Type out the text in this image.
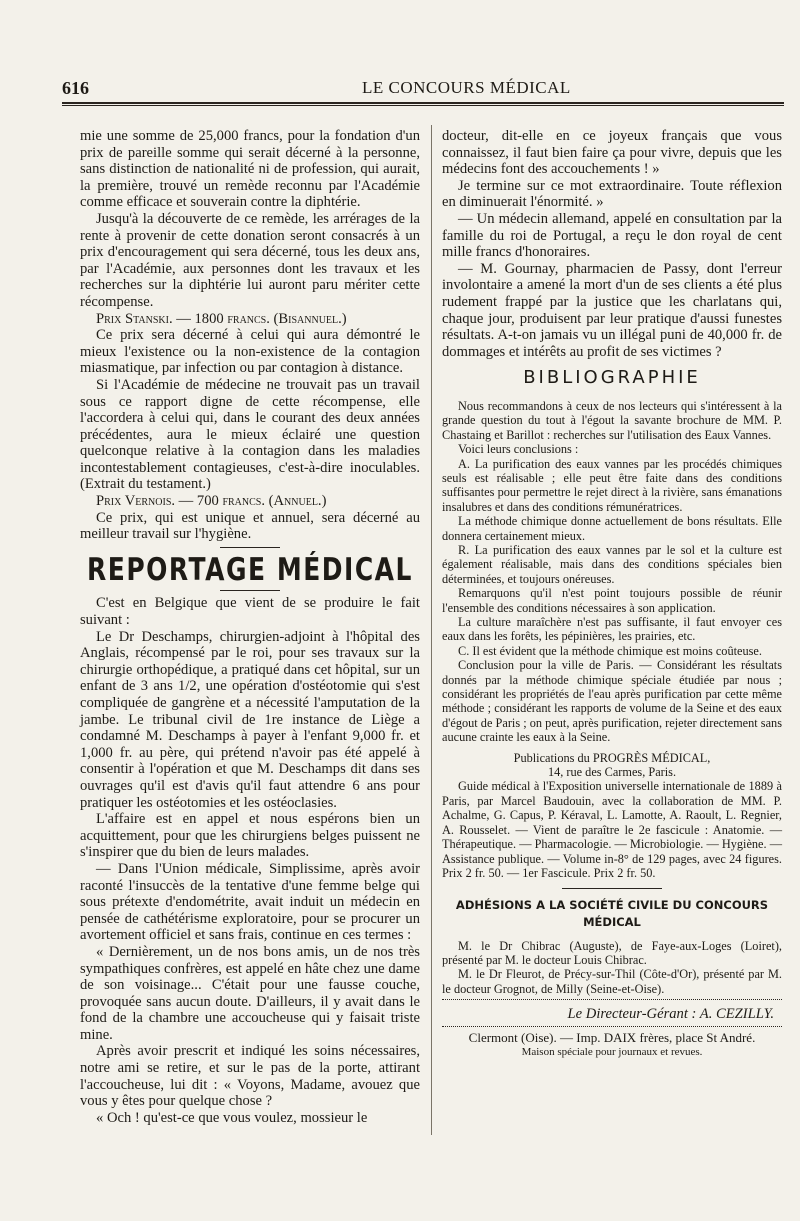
616	LE CONCOURS MÉDICAL

mie une somme de 25,000 francs, pour la fondation d'un prix de pareille somme qui serait décerné à la personne, sans distinction de nationalité ni de profession, qui aurait, la première, trouvé un remède reconnu par l'Académie comme efficace et souverain contre la diphtérie.

Jusqu'à la découverte de ce remède, les arrérages de la rente à provenir de cette donation seront consacrés à un prix d'encouragement qui sera décerné, tous les deux ans, par l'Académie, aux personnes dont les travaux et les recherches sur la diphtérie lui auront paru mériter cette récompense.

Prix Stanski. — 1800 francs. (Bisannuel.)

Ce prix sera décerné à celui qui aura démontré le mieux l'existence ou la non-existence de la contagion miasmatique, par infection ou par contagion à distance.

Si l'Académie de médecine ne trouvait pas un travail sous ce rapport digne de cette récompense, elle l'accordera à celui qui, dans le courant des deux années précédentes, aura le mieux éclairé une question quelconque relative à la contagion dans les maladies incontestablement contagieuses, c'est-à-dire inoculables. (Extrait du testament.)

Prix Vernois. — 700 francs. (Annuel.)

Ce prix, qui est unique et annuel, sera décerné au meilleur travail sur l'hygiène.

REPORTAGE MÉDICAL

C'est en Belgique que vient de se produire le fait suivant :

Le Dr Deschamps, chirurgien-adjoint à l'hôpital des Anglais, récompensé par le roi, pour ses travaux sur la chirurgie orthopédique, a pratiqué dans cet hôpital, sur un enfant de 3 ans 1/2, une opération d'ostéotomie qui s'est compliquée de gangrène et a nécessité l'amputation de la jambe. Le tribunal civil de 1re instance de Liège a condamné M. Deschamps à payer à l'enfant 9,000 fr. et 1,000 fr. au père, qui prétend n'avoir pas été appelé à consentir à l'opération et que M. Deschamps dit dans ses ouvrages qu'il est d'avis qu'il faut attendre 6 ans pour pratiquer les ostéotomies et les ostéoclasies.

L'affaire est en appel et nous espérons bien un acquittement, pour que les chirurgiens belges puissent ne s'inspirer que du bien de leurs malades.

— Dans l'Union médicale, Simplissime, après avoir raconté l'insuccès de la tentative d'une femme belge qui sous prétexte d'endométrite, avait induit un médecin en pensée de cathétérisme exploratoire, pour se procurer un avortement officiel et sans frais, continue en ces termes :

« Dernièrement, un de nos bons amis, un de nos très sympathiques confrères, est appelé en hâte chez une dame de son voisinage... C'était pour une fausse couche, provoquée sans aucun doute. D'ailleurs, il y avait dans le fond de la chambre une accoucheuse qui y faisait triste mine.

Après avoir prescrit et indiqué les soins nécessaires, notre ami se retire, et sur le pas de la porte, attirant l'accoucheuse, lui dit : « Voyons, Madame, avouez que vous y êtes pour quelque chose ?

« Och ! qu'est-ce que vous voulez, mossieur le

docteur, dit-elle en ce joyeux français que vous connaissez, il faut bien faire ça pour vivre, depuis que les médecins font des accouchements ! »

Je termine sur ce mot extraordinaire. Toute réflexion en diminuerait l'énormité. »

— Un médecin allemand, appelé en consultation par la famille du roi de Portugal, a reçu le don royal de cent mille francs d'honoraires.

— M. Gournay, pharmacien de Passy, dont l'erreur involontaire a amené la mort d'un de ses clients a été plus rudement frappé par la justice que les charlatans qui, chaque jour, produisent par leur pratique d'aussi funestes résultats. A-t-on jamais vu un illégal puni de 40,000 fr. de dommages et intérêts au profit de ses victimes ?

BIBLIOGRAPHIE

Nous recommandons à ceux de nos lecteurs qui s'intéressent à la grande question du tout à l'égout la savante brochure de MM. P. Chastaing et Barillot : recherches sur l'utilisation des Eaux Vannes.

Voici leurs conclusions :

A. La purification des eaux vannes par les procédés chimiques seuls est réalisable ; elle peut être faite dans des conditions suffisantes pour permettre le rejet direct à la rivière, sans émanations insalubres et dans des conditions rémunératrices.

La méthode chimique donne actuellement de bons résultats. Elle donnera certainement mieux.

R. La purification des eaux vannes par le sol et la culture est également réalisable, mais dans des conditions spéciales bien déterminées, et toujours onéreuses.

Remarquons qu'il n'est point toujours possible de réunir l'ensemble des conditions nécessaires à son application.

La culture maraîchère n'est pas suffisante, il faut envoyer ces eaux dans les forêts, les pépinières, les prairies, etc.

C. Il est évident que la méthode chimique est moins coûteuse.

Conclusion pour la ville de Paris. — Considérant les résultats donnés par la méthode chimique spéciale étudiée par nous ; considérant les propriétés de l'eau après purification par cette même méthode ; considérant les rapports de volume de la Seine et des eaux d'égout de Paris ; on peut, après purification, rejeter directement sans aucune crainte les eaux à la Seine.

Publications du PROGRÈS MÉDICAL,
14, rue des Carmes, Paris.

Guide médical à l'Exposition universelle internationale de 1889 à Paris, par Marcel Baudouin, avec la collaboration de MM. P. Achalme, G. Capus, P. Kéraval, L. Lamotte, A. Raoult, L. Regnier, A. Rousselet. — Vient de paraître le 2e fascicule : Anatomie. — Thérapeutique. — Pharmacologie. — Microbiologie. — Hygiène. — Assistance publique. — Volume in-8° de 129 pages, avec 24 figures. Prix 2 fr. 50. — 1er Fascicule. Prix 2 fr. 50.

ADHÉSIONS A LA SOCIÉTÉ CIVILE DU CONCOURS MÉDICAL

M. le Dr Chibrac (Auguste), de Faye-aux-Loges (Loiret), présenté par M. le docteur Louis Chibrac.

M. le Dr Fleurot, de Précy-sur-Thil (Côte-d'Or), présenté par M. le docteur Grognot, de Milly (Seine-et-Oise).

Le Directeur-Gérant : A. CEZILLY.
Clermont (Oise). — Imp. DAIX frères, place St André.
Maison spéciale pour journaux et revues.
